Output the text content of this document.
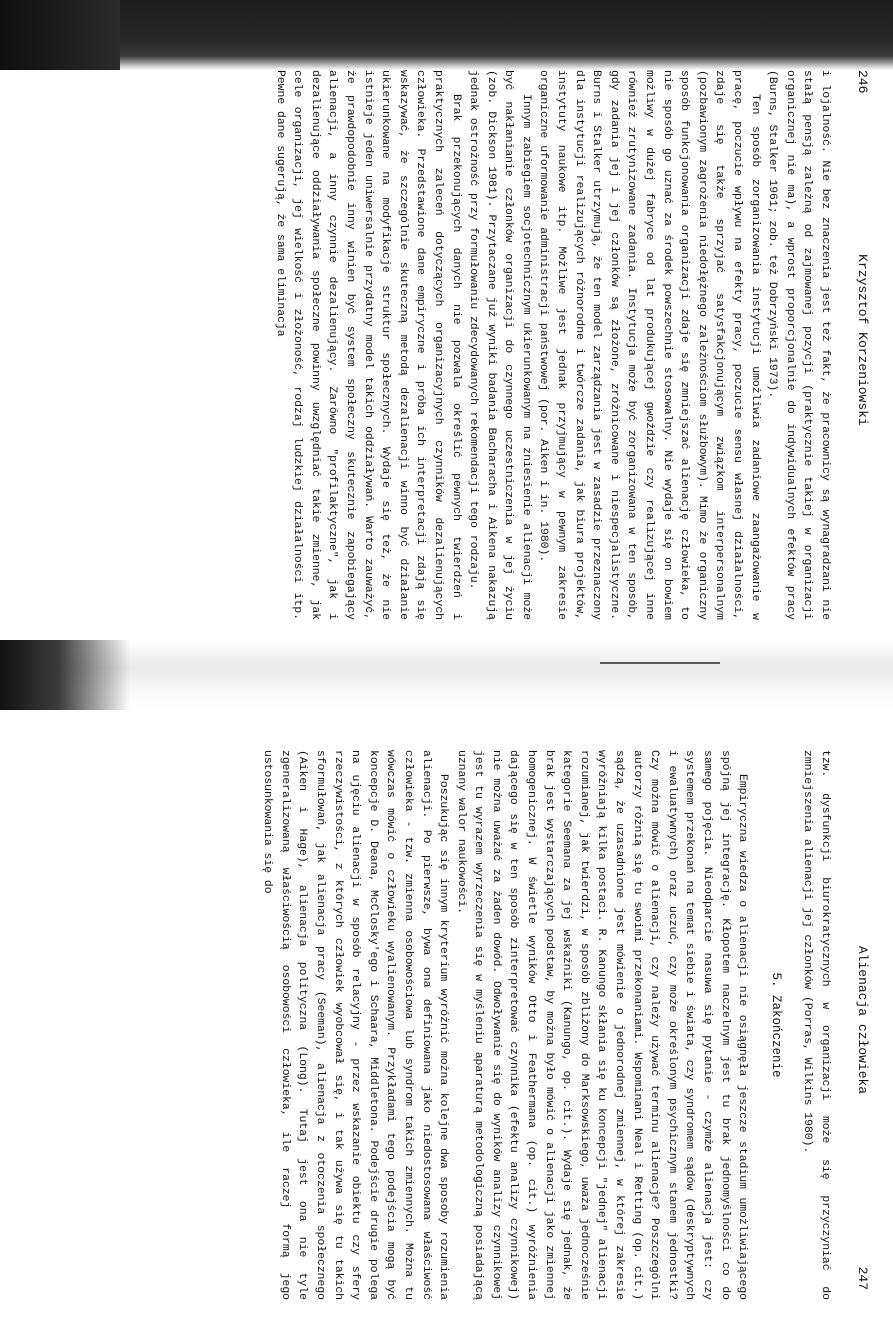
246
Krzysztof Korzeniowski

i lojalność. Nie bez znaczenia jest też fakt, że pracownicy są wynagradzani nie stałą pensją zależną od zajmowanej pozycji (praktycznie takiej w organizacji organicznej nie ma), a wprost proporcjonalnie do indywidualnych efektów pracy (Burns, Stalker 1961; zob. też Dobrzyński 1973).

Ten sposób zorganizowania instytucji umożliwia zadaniowe zaangażowanie w pracę, poczucie wpływu na efekty pracy, poczucie sensu własnej działalności, zdaje się także sprzyjać satysfakcjonującym związkom interpersonalnym (pozbawionym zagrożenia niedołężnego zależnościom służbowym). Mimo że organiczny sposób funkcjonowania organizacji zdaje się zmniejszać alienację człowieka, to nie sposób go uznać za środek powszechnie stosowalny. Nie wydaje się on bowiem możliwy w dużej fabryce od lat produkującej gwoździe czy realizującej inne również zrutynizowane zadania. Instytucja może być zorganizowana w ten sposób, gdy zadania jej i jej członków są złożone, zróżnicowane i niespecjalistyczne. Burns i Stalker utrzymują, że ten model zarządzania jest w zasadzie przeznaczony dla instytucji realizujących różnorodne i twórcze zadania, jak biura projektów, instytuty naukowe itp. Możliwe jest jednak przyjmujący w pewnym zakresie organiczne uformowanie administracji państwowej (por. Aiken i in. 1980).

Innym zabiegiem socjotechnicznym ukierunkowanym na zniesienie alienacji może być nakłanianie członków organizacji do czynnego uczestniczenia w jej życiu (zob. Dickson 1981). Przytaczane już wyniki badania Bacharacha i Aikena nakazują jednak ostrożność przy formułowaniu zdecydowanych rekomendacji tego rodzaju.

Brak przekonujących danych nie pozwala określić pewnych twierdzeń i praktycznych zaleceń dotyczących organizacyjnych czynników dezalienujących człowieka. Przedstawione dane empiryczne i próba ich interpretacji zdają się wskazywać, że szczególnie skuteczną metodą dezalienacji winno być działanie ukierunkowane na modyfikacje struktur społecznych. Wydaje się też, że nie istnieje jeden uniwersalnie przydatny model takich oddziaływań. Warto zauważyć, że prawdopodobnie inny winien być system społeczny skutecznie zapobiegający alienacji, a inny czynnie dezalienujący. Zarówno "profilaktyczne", jak i dezalienujące oddziaływania społeczne powinny uwzględniać takie zmienne, jak cele organizacji, jej wielkość i złożoność, rodzaj ludzkiej działalności itp. Pewne dane sugerują, że sama eliminacja

Alienacja człowieka
247

tzw. dysfunkcji biurokratycznych w organizacji może się przyczyniać do zmniejszenia alienacji jej członków (Porras, Wilkins 1980).

5. Zakończenie

Empiryczna wiedza o alienacji nie osiągnęła jeszcze stadium umożliwiającego spójną jej integrację. Kłopotem naczelnym jest tu brak jednomyślności co do samego pojęcia. Nieodparcie nasuwa się pytanie - czymże alienacja jest: czy systemem przekonań na temat siebie i świata, czy syndromem sądów (deskryptywnych i ewaluatywnych) oraz uczuć, czy może określonym psychicznym stanem jednostki? Czy można mówić o alienacji, czy należy używać terminu alienacje? Poszczególni autorzy różnią się tu swoimi przekonaniami. Wspominani Neal i Retting (op. cit.) sądzą, że uzasadnione jest mówienie o jednorodnej zmiennej, w której zakresie wyróżniają kilka postaci. R. Kanungo skłania się ku koncepcji "jednej" alienacji rozumianej, jak twierdzi, w sposób zbliżony do Marksowskiego, uważa jednocześnie kategorie Seemana za jej wskaźniki (Kanungo, op. cit.). Wydaje się jednak, że brak jest wystarczających podstaw, by można było mówić o alienacji jako zmiennej homogenicznej. W świetle wyników Otto i Feathermana (op. cit.) wyróżnienia dającego się w ten sposób zinterpretować czynnika (efektu analizy czynnikowej) nie można uważać za żaden dowód. Odwoływanie się do wyników analizy czynnikowej jest tu wyrazem wyrzeczenia się w myśleniu aparaturą metodologiczną posiadającą uznany walor naukowości.

Poszukując się innym kryterium wyróżnić można kolejne dwa sposoby rozumienia alienacji. Po pierwsze, bywa ona definiowana jako niedostosowana właściwość człowieka - tzw. zmienna osobowościowa lub syndrom takich zmiennych. Można tu wówczas mówić o człowieku wyalienowanym. Przykładami tego podejścia mogą być koncepcje D. Deana, McClosky'ego i Schaara, Middletona. Podejście drugie polega na ujęciu alienacji w sposób relacyjny - przez wskazanie obiektu czy sfery rzeczywistości, z których człowiek wyobcował się, i tak używa się tu takich sformułowań, jak alienacja pracy (Seeman), alienacja z otoczenia społecznego (Aiken i Hage), alienacja polityczna (Long). Tutaj jest ona nie tyle zgeneralizowaną właściwością osobowości człowieka, ile raczej formą jego ustosunkowania się do
